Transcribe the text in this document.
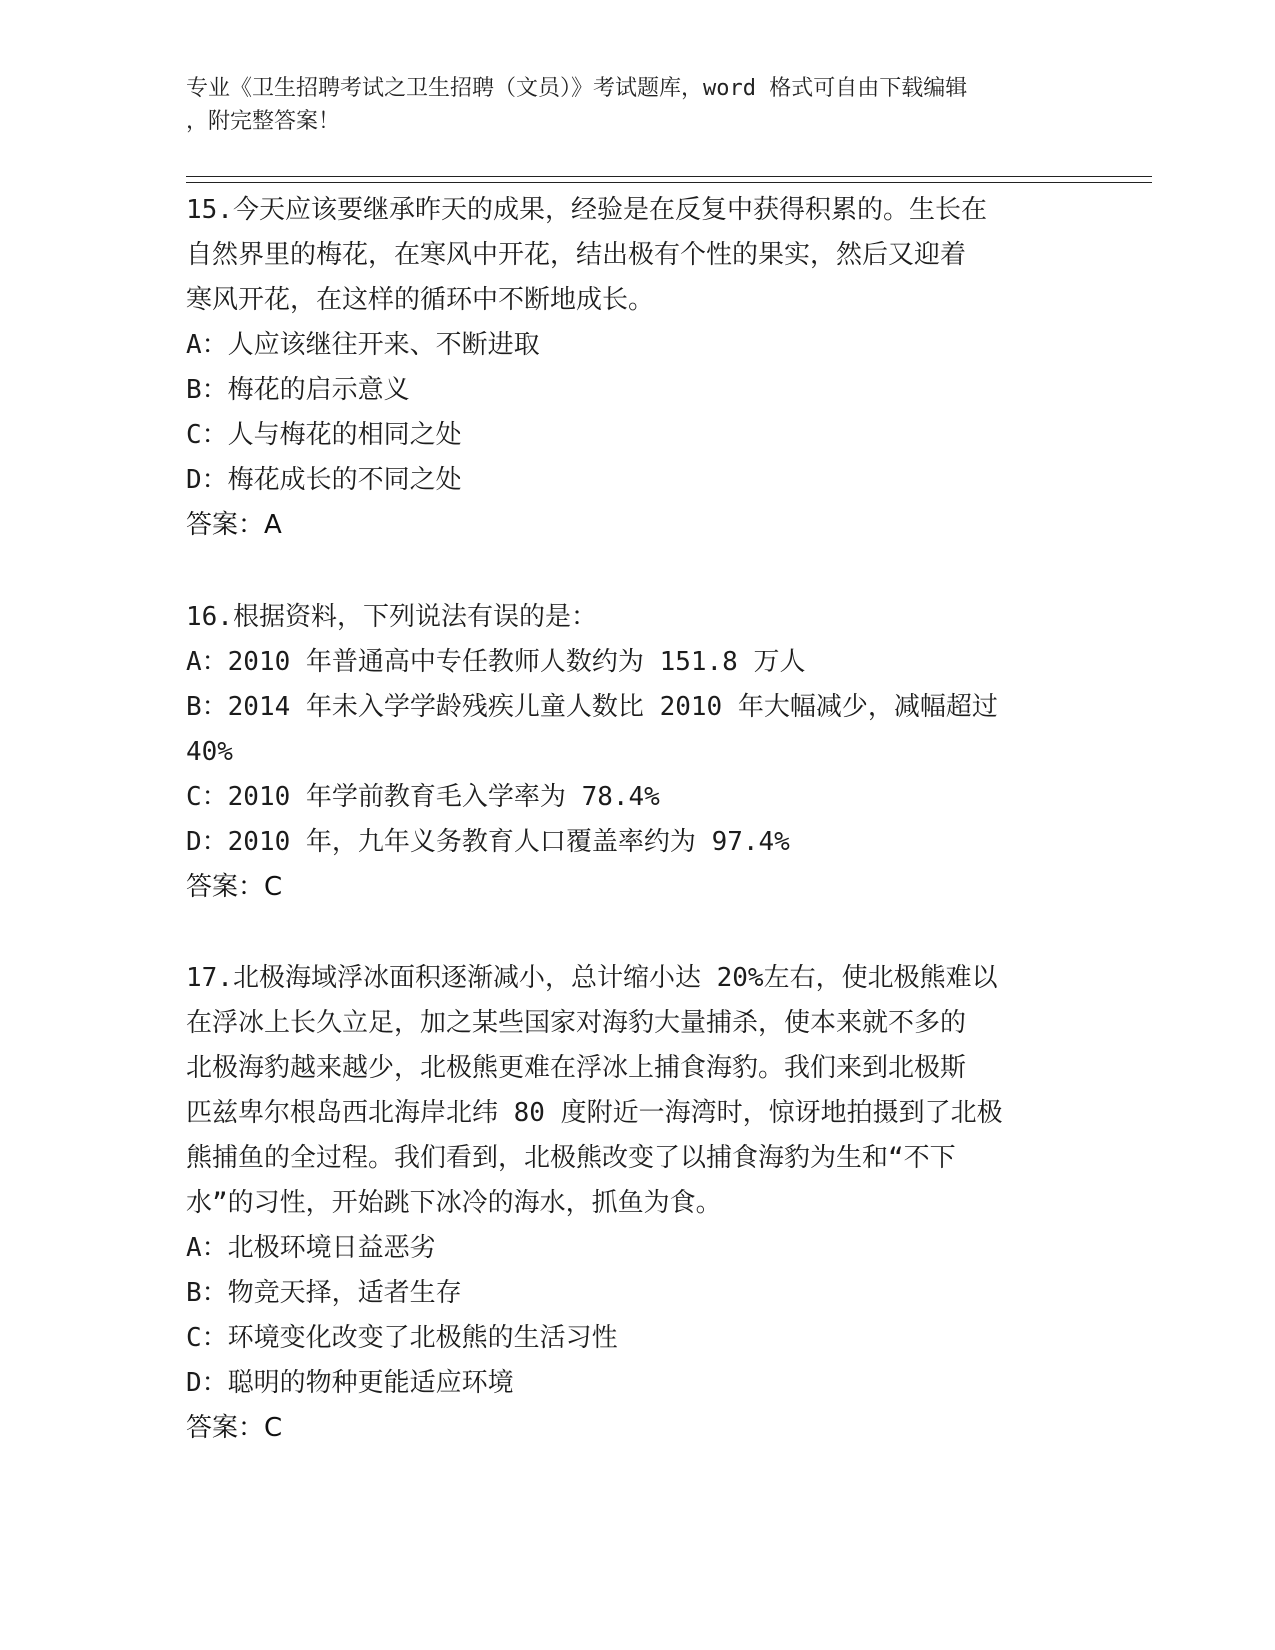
专业《卫生招聘考试之卫生招聘（文员）》考试题库，word 格式可自由下载编辑
，附完整答案！
15.今天应该要继承昨天的成果，经验是在反复中获得积累的。生长在
自然界里的梅花，在寒风中开花，结出极有个性的果实，然后又迎着
寒风开花，在这样的循环中不断地成长。
A：人应该继往开来、不断进取
B：梅花的启示意义
C：人与梅花的相同之处
D：梅花成长的不同之处
答案：A
16.根据资料，下列说法有误的是：
A：2010 年普通高中专任教师人数约为 151.8 万人
B：2014 年未入学学龄残疾儿童人数比 2010 年大幅减少，减幅超过
40%
C：2010 年学前教育毛入学率为 78.4%
D：2010 年，九年义务教育人口覆盖率约为 97.4%
答案：C
17.北极海域浮冰面积逐渐减小，总计缩小达 20%左右，使北极熊难以
在浮冰上长久立足，加之某些国家对海豹大量捕杀，使本来就不多的
北极海豹越来越少，北极熊更难在浮冰上捕食海豹。我们来到北极斯
匹兹卑尔根岛西北海岸北纬 80 度附近一海湾时，惊讶地拍摄到了北极
熊捕鱼的全过程。我们看到，北极熊改变了以捕食海豹为生和“不下
水”的习性，开始跳下冰冷的海水，抓鱼为食。
A：北极环境日益恶劣
B：物竞天择，适者生存
C：环境变化改变了北极熊的生活习性
D：聪明的物种更能适应环境
答案：C
